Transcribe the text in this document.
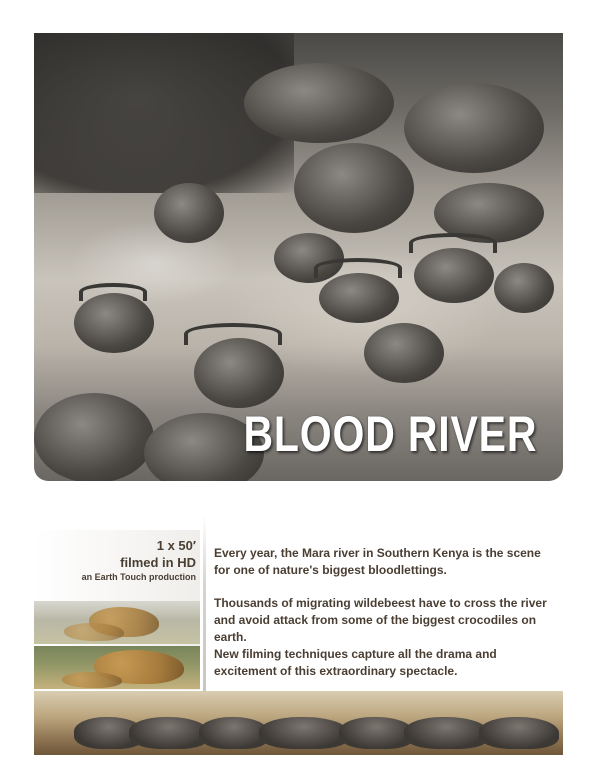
BLOOD RIVER
1 x 50′
filmed in HD
an Earth Touch production

Every year, the Mara river in Southern Kenya is the scene for one of nature's biggest bloodlettings.

Thousands of migrating wildebeest have to cross the river and avoid attack from some of the biggest crocodiles on earth.

New filming techniques capture all the drama and excitement of this extraordinary spectacle.
